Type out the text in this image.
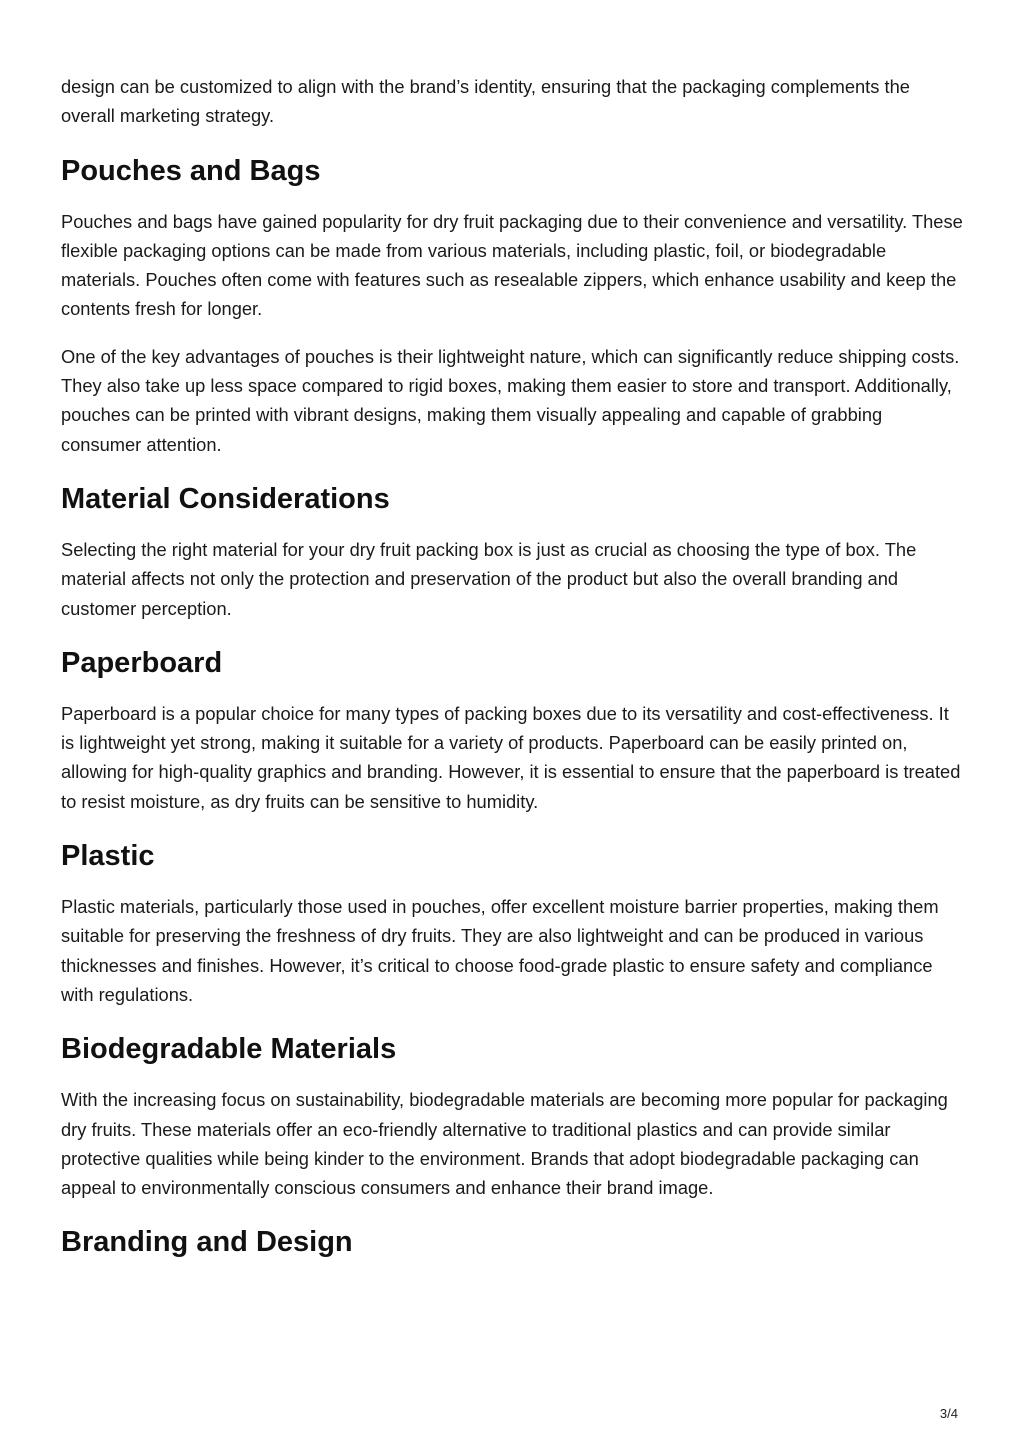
design can be customized to align with the brand’s identity, ensuring that the packaging complements the overall marketing strategy.

Pouches and Bags

Pouches and bags have gained popularity for dry fruit packaging due to their convenience and versatility. These flexible packaging options can be made from various materials, including plastic, foil, or biodegradable materials. Pouches often come with features such as resealable zippers, which enhance usability and keep the contents fresh for longer.

One of the key advantages of pouches is their lightweight nature, which can significantly reduce shipping costs. They also take up less space compared to rigid boxes, making them easier to store and transport. Additionally, pouches can be printed with vibrant designs, making them visually appealing and capable of grabbing consumer attention.

Material Considerations

Selecting the right material for your dry fruit packing box is just as crucial as choosing the type of box. The material affects not only the protection and preservation of the product but also the overall branding and customer perception.

Paperboard

Paperboard is a popular choice for many types of packing boxes due to its versatility and cost-effectiveness. It is lightweight yet strong, making it suitable for a variety of products. Paperboard can be easily printed on, allowing for high-quality graphics and branding. However, it is essential to ensure that the paperboard is treated to resist moisture, as dry fruits can be sensitive to humidity.

Plastic

Plastic materials, particularly those used in pouches, offer excellent moisture barrier properties, making them suitable for preserving the freshness of dry fruits. They are also lightweight and can be produced in various thicknesses and finishes. However, it’s critical to choose food-grade plastic to ensure safety and compliance with regulations.

Biodegradable Materials

With the increasing focus on sustainability, biodegradable materials are becoming more popular for packaging dry fruits. These materials offer an eco-friendly alternative to traditional plastics and can provide similar protective qualities while being kinder to the environment. Brands that adopt biodegradable packaging can appeal to environmentally conscious consumers and enhance their brand image.

Branding and Design
3/4
